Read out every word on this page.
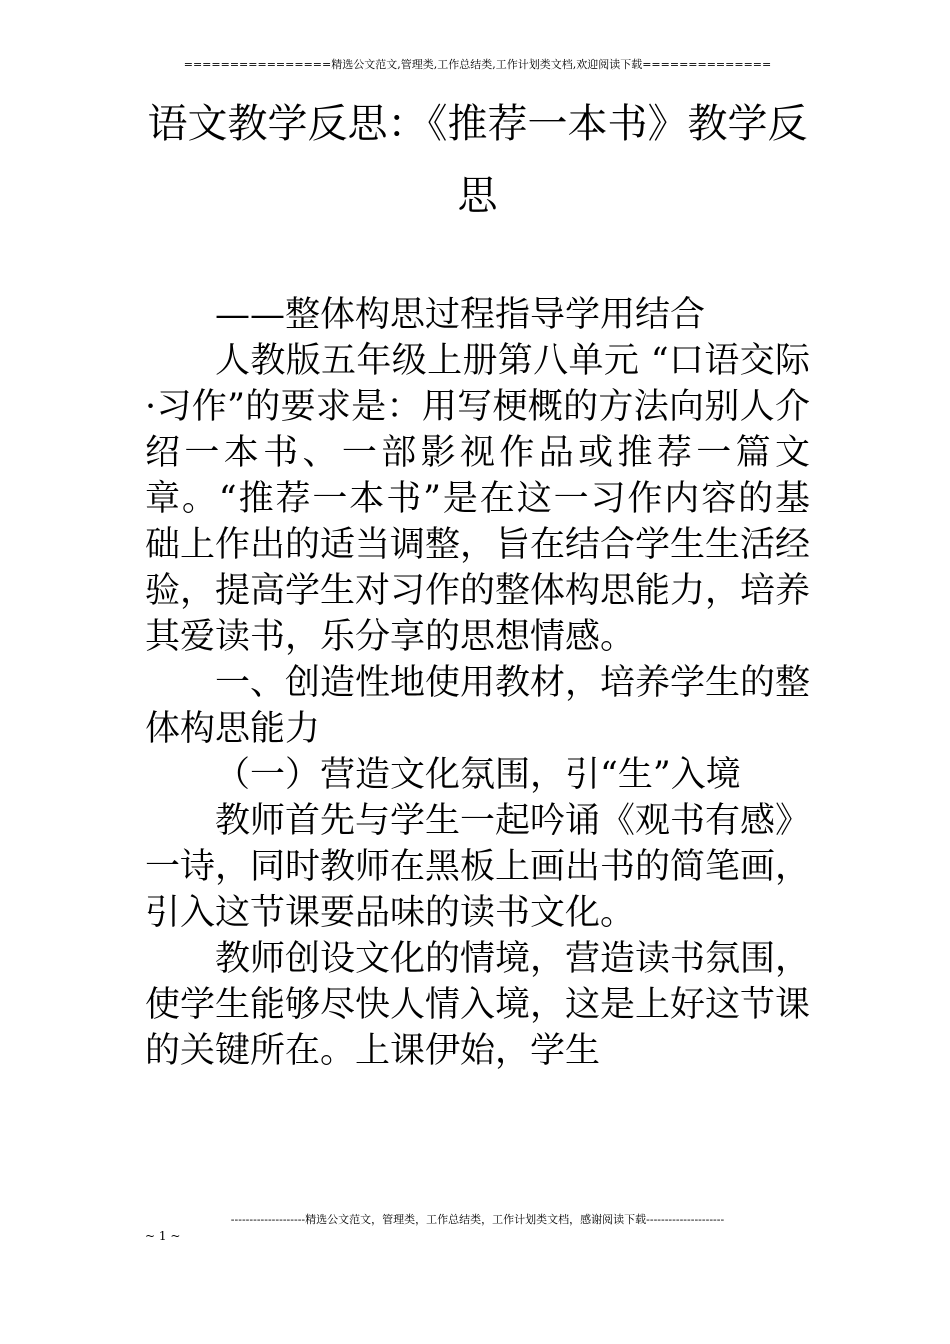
================精选公文范文,管理类,工作总结类,工作计划类文档,欢迎阅读下载==============
语文教学反思：《推荐一本书》教学反思

——整体构思过程指导学用结合

人教版五年级上册第八单元 “口语交际·习作”的要求是：用写梗概的方法向别人介绍一本书、一部影视作品或推荐一篇文章。“推荐一本书”是在这一习作内容的基础上作出的适当调整，旨在结合学生生活经验，提高学生对习作的整体构思能力，培养其爱读书，乐分享的思想情感。

一、创造性地使用教材，培养学生的整体构思能力

（一）营造文化氛围，引“生”入境

教师首先与学生一起吟诵《观书有感》一诗，同时教师在黑板上画出书的简笔画，引入这节课要品味的读书文化。

教师创设文化的情境，营造读书氛围，使学生能够尽快人情入境，这是上好这节课的关键所在。上课伊始，学生

--------------------精选公文范文，管理类，工作总结类，工作计划类文档，感谢阅读下载---------------------
~ 1 ~
